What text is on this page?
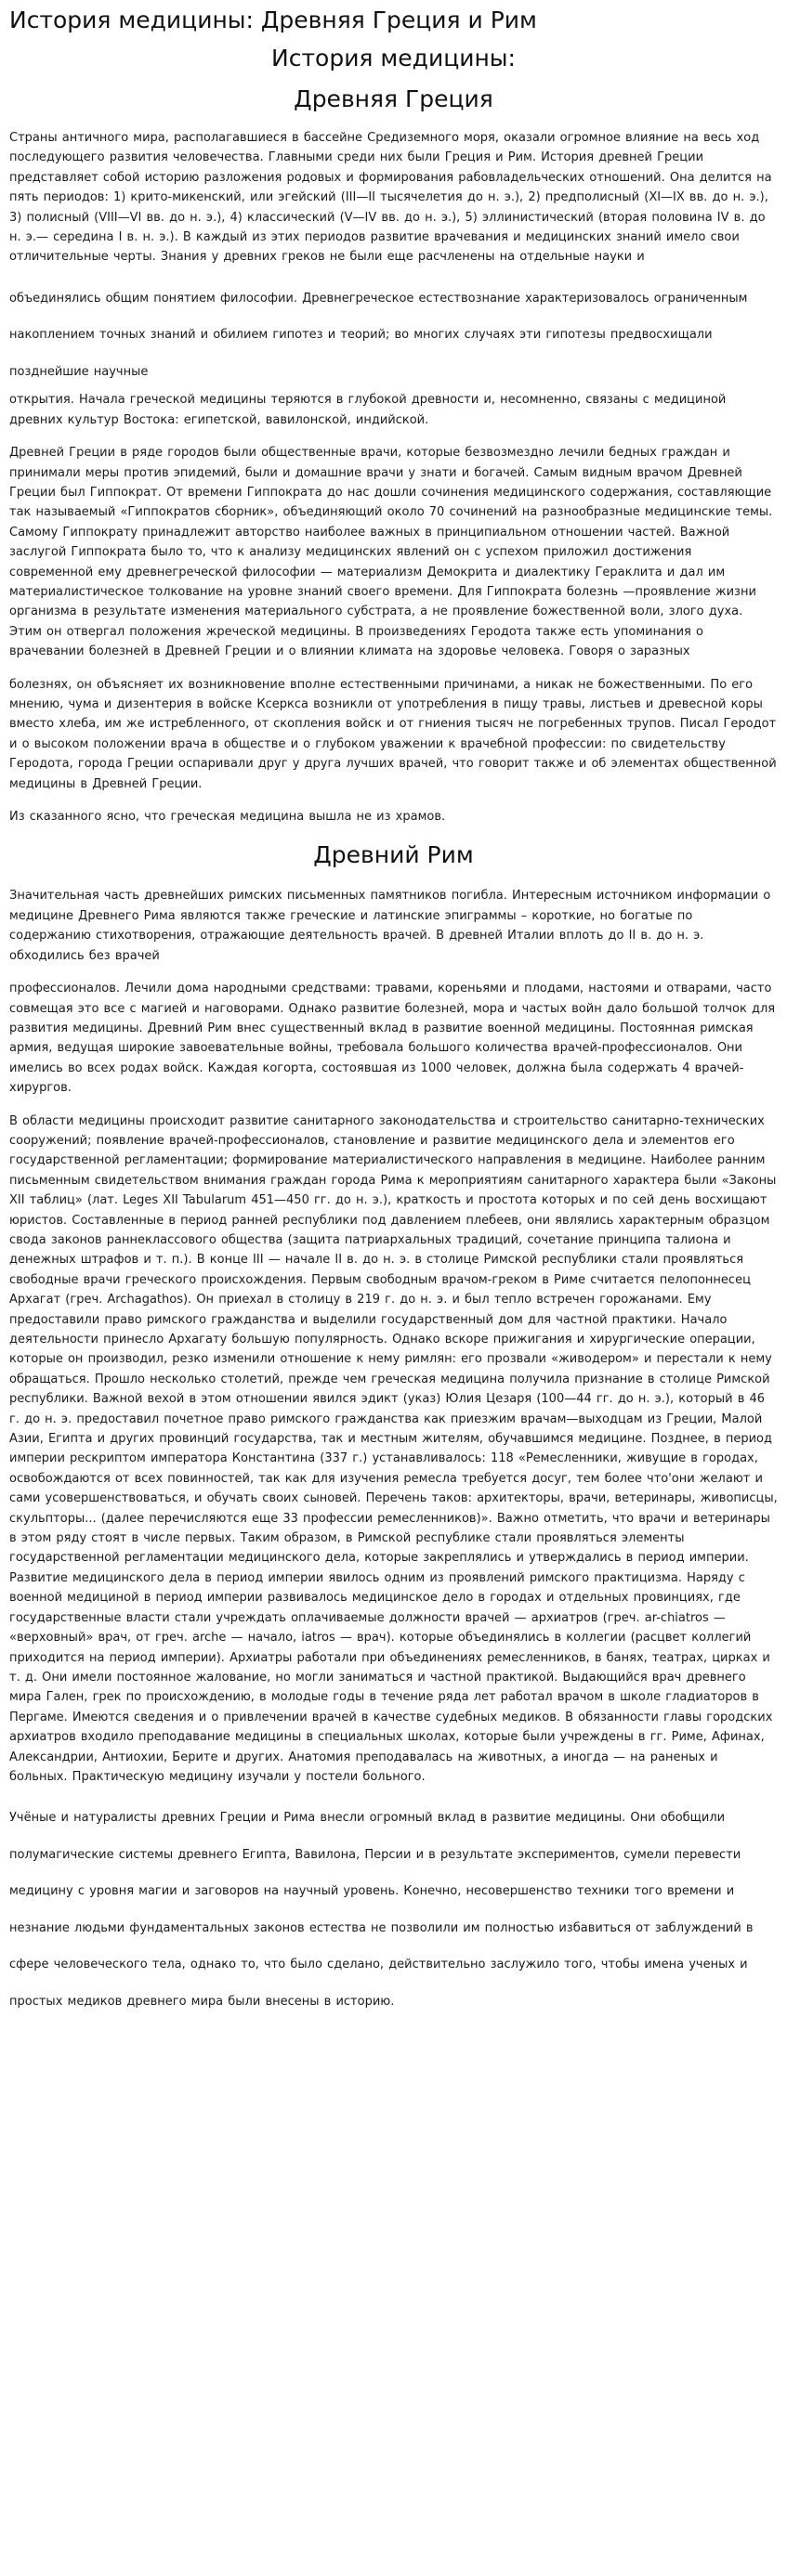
История медицины: Древняя Греция и Рим
История медицины:
Древняя Греция

Страны античного мира, располагавшиеся в бассейне Средиземного моря, оказали огромное влияние на весь ход последующего развития человечества. Главными среди них были Греция и Рим. История древней Греции представляет собой историю разложения родовых и формирования рабовладельческих отношений. Она делится на пять периодов: 1) крито-микенский, или эгейский (III—II тысячелетия до н. э.), 2) предполисный (XI—IX вв. до н. э.), 3) полисный (VIII—VI вв. до н. э.), 4) классический (V—IV вв. до н. э.), 5) эллинистический (вторая половина IV в. до н. э.— середина I в. н. э.). В каждый из этих периодов развитие врачевания и медицинских знаний имело свои отличительные черты. Знания у древних греков не были еще расчленены на отдельные науки и

объединялись общим понятием философии. Древнегреческое естествознание характеризовалось ограниченным накоплением точных знаний и обилием гипотез и теорий; во многих случаях эти гипотезы предвосхищали позднейшие научные

открытия. Начала греческой медицины теряются в глубокой древности и, несомненно, связаны с медициной древних культур Востока: египетской, вавилонской, индийской.

Древней Греции в ряде городов были общественные врачи, которые безвозмездно лечили бедных граждан и принимали меры против эпидемий, были и домашние врачи у знати и богачей. Самым видным врачом Древней Греции был Гиппократ. От времени Гиппократа до нас дошли сочинения медицинского содержания, составляющие так называемый «Гиппократов сборник», объединяющий около 70 сочинений на разнообразные медицинские темы. Самому Гиппократу принадлежит авторство наиболее важных в принципиальном отношении частей. Важной заслугой Гиппократа было то, что к анализу медицинских явлений он с успехом приложил достижения современной ему древнегреческой философии — материализм Демокрита и диалектику Гераклита и дал им материалистическое толкование на уровне знаний своего времени. Для Гиппократа болезнь —проявление жизни организма в результате изменения материального субстрата, а не проявление божественной воли, злого духа. Этим он отвергал положения жреческой медицины. В произведениях Геродота также есть упоминания о врачевании болезней в Древней Греции и о влиянии климата на здоровье человека. Говоря о заразных

болезнях, он объясняет их возникновение вполне естественными причинами, а никак не божественными. По его мнению, чума и дизентерия в войске Ксеркса возникли от употребления в пищу травы, листьев и древесной коры вместо хлеба, им же истребленного, от скопления войск и от гниения тысяч не погребенных трупов. Писал Геродот и о высоком положении врача в обществе и о глубоком уважении к врачебной профессии: по свидетельству Геродота, города Греции оспаривали друг у друга лучших врачей, что говорит также и об элементах общественной медицины в Древней Греции.

Из сказанного ясно, что греческая медицина вышла не из храмов.

Древний Рим

Значительная часть древнейших римских письменных памятников погибла. Интересным источником информации о медицине Древнего Рима являются также греческие и латинские эпиграммы – короткие, но богатые по содержанию стихотворения, отражающие деятельность врачей. В древней Италии вплоть до II в. до н. э. обходились без врачей

профессионалов. Лечили дома народными средствами: травами, кореньями и плодами, настоями и отварами, часто совмещая это все с магией и наговорами. Однако развитие болезней, мора и частых войн дало большой толчок для развития медицины. Древний Рим внес существенный вклад в развитие военной медицины. Постоянная римская армия, ведущая широкие завоевательные войны, требовала большого количества врачей-профессионалов. Они имелись во всех родах войск. Каждая когорта, состоявшая из 1000 человек, должна была содержать 4 врачей-хирургов.

В области медицины происходит развитие санитарного законодательства и строительство санитарно-технических сооружений; появление врачей-профессионалов, становление и развитие медицинского дела и элементов его государственной регламентации; формирование материалистического направления в медицине. Наиболее ранним письменным свидетельством внимания граждан города Рима к мероприятиям санитарного характера были «Законы XII таблиц» (лат. Leges XII Tabularum 451—450 гг. до н. э.), краткость и простота которых и по сей день восхищают юристов. Составленные в период ранней республики под давлением плебеев, они являлись характерным образцом свода законов раннеклассового общества (защита патриархальных традиций, сочетание принципа талиона и денежных штрафов и т. п.). В конце III — начале II в. до н. э. в столице Римской республики стали проявляться свободные врачи греческого происхождения. Первым свободным врачом-греком в Риме считается пелопоннесец Архагат (греч. Archagathos). Он приехал в столицу в 219 г. до н. э. и был тепло встречен горожанами. Ему предоставили право римского гражданства и выделили государственный дом для частной практики. Начало деятельности принесло Архагату большую популярность. Однако вскоре прижигания и хирургические операции, которые он производил, резко изменили отношение к нему римлян: его прозвали «живодером» и перестали к нему обращаться. Прошло несколько столетий, прежде чем греческая медицина получила признание в столице Римской республики. Важной вехой в этом отношении явился эдикт (указ) Юлия Цезаря (100—44 гг. до н. э.), который в 46 г. до н. э. предоставил почетное право римского гражданства как приезжим врачам—выходцам из Греции, Малой Азии, Египта и других провинций государства, так и местным жителям, обучавшимся медицине. Позднее, в период империи рескриптом императора Константина (337 г.) устанавливалось: 118 «Ремесленники, живущие в городах, освобождаются от всех повинностей, так как для изучения ремесла требуется досуг, тем более что'они желают и сами усовершенствоваться, и обучать своих сыновей. Перечень таков: архитекторы, врачи, ветеринары, живописцы, скульпторы... (далее перечисляются еще 33 профессии ремесленников)». Важно отметить, что врачи и ветеринары в этом ряду стоят в числе первых. Таким образом, в Римской республике стали проявляться элементы государственной регламентации медицинского дела, которые закреплялись и утверждались в период империи. Развитие медицинского дела в период империи явилось одним из проявлений римского практицизма. Наряду с военной медициной в период империи развивалось медицинское дело в городах и отдельных провинциях, где государственные власти стали учреждать оплачиваемые должности врачей — архиатров (греч. ar-chiatros — «верховный» врач, от греч. arche — начало, iatros — врач). которые объединялись в коллегии (расцвет коллегий приходится на период империи). Архиатры работали при объединениях ремесленников, в банях, театрах, цирках и т. д. Они имели постоянное жалование, но могли заниматься и частной практикой. Выдающийся врач древнего мира Гален, грек по происхождению, в молодые годы в течение ряда лет работал врачом в школе гладиаторов в Пергаме. Имеются сведения и о привлечении врачей в качестве судебных медиков. В обязанности главы городских архиатров входило преподавание медицины в специальных школах, которые были учреждены в гг. Риме, Афинах, Александрии, Антиохии, Берите и других. Анатомия преподавалась на животных, а иногда — на раненых и больных. Практическую медицину изучали у постели больного.

Учёные и натуралисты древних Греции и Рима внесли огромный вклад в развитие медицины. Они обобщили полумагические системы древнего Египта, Вавилона, Персии и в результате экспериментов, сумели перевести медицину с уровня магии и заговоров на научный уровень. Конечно, несовершенство техники того времени и незнание людьми фундаментальных законов естества не позволили им полностью избавиться от заблуждений в сфере человеческого тела, однако то, что было сделано, действительно заслужило того, чтобы имена ученых и простых медиков древнего мира были внесены в историю.
